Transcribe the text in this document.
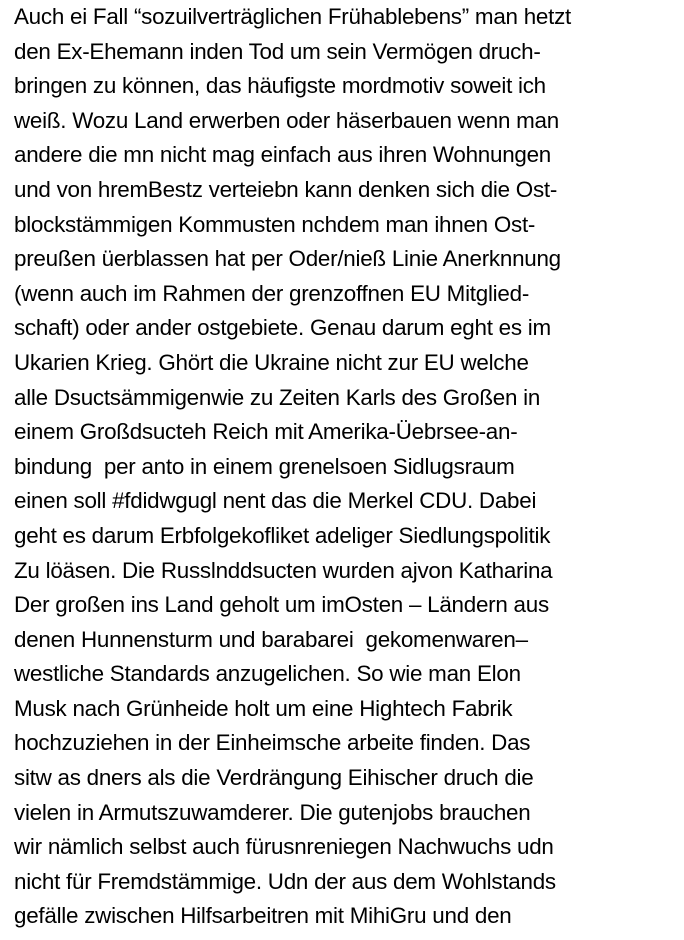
Auch ei Fall “sozuilverträglichen Frühablebens” man hetzt
den Ex-Ehemann inden Tod um sein Vermögen druch-
bringen zu können, das häufigste mordmotiv soweit ich
weiß. Wozu Land erwerben oder häserbauen wenn man
andere die mn nicht mag einfach aus ihren Wohnungen
und von hremBestz verteiebn kann denken sich die Ost-
blockstämmigen Kommusten nchdem man ihnen Ost-
preußen üerblassen hat per Oder/nieß Linie Anerknnung
(wenn auch im Rahmen der grenzoffnen EU Mitglied-
schaft) oder ander ostgebiete. Genau darum eght es im
Ukarien Krieg. Ghört die Ukraine nicht zur EU welche
alle Dsuctsämmigenwie zu Zeiten Karls des Großen in
einem Großdsucteh Reich mit Amerika-Üebrsee-an-
bindung  per anto in einem grenelsoen Sidlugsraum
einen soll #fdidwgugl nent das die Merkel CDU. Dabei
geht es darum Erbfolgekofliket adeliger Siedlungspolitik
Zu löäsen. Die Russlnddsucten wurden ajvon Katharina
Der großen ins Land geholt um imOsten – Ländern aus
denen Hunnensturm und barabarei  gekomenwaren–
westliche Standards anzugelichen. So wie man Elon
Musk nach Grünheide holt um eine Hightech Fabrik
hochzuziehen in der Einheimsche arbeite finden. Das
sitw as dners als die Verdrängung Eihischer druch die
vielen in Armutszuwamderer. Die gutenjobs brauchen
wir nämlich selbst auch fürusnreniegen Nachwuchs udn
nicht für Fremdstämmige. Udn der aus dem Wohlstands
gefälle zwischen Hilfsarbeitren mit MihiGru und den
